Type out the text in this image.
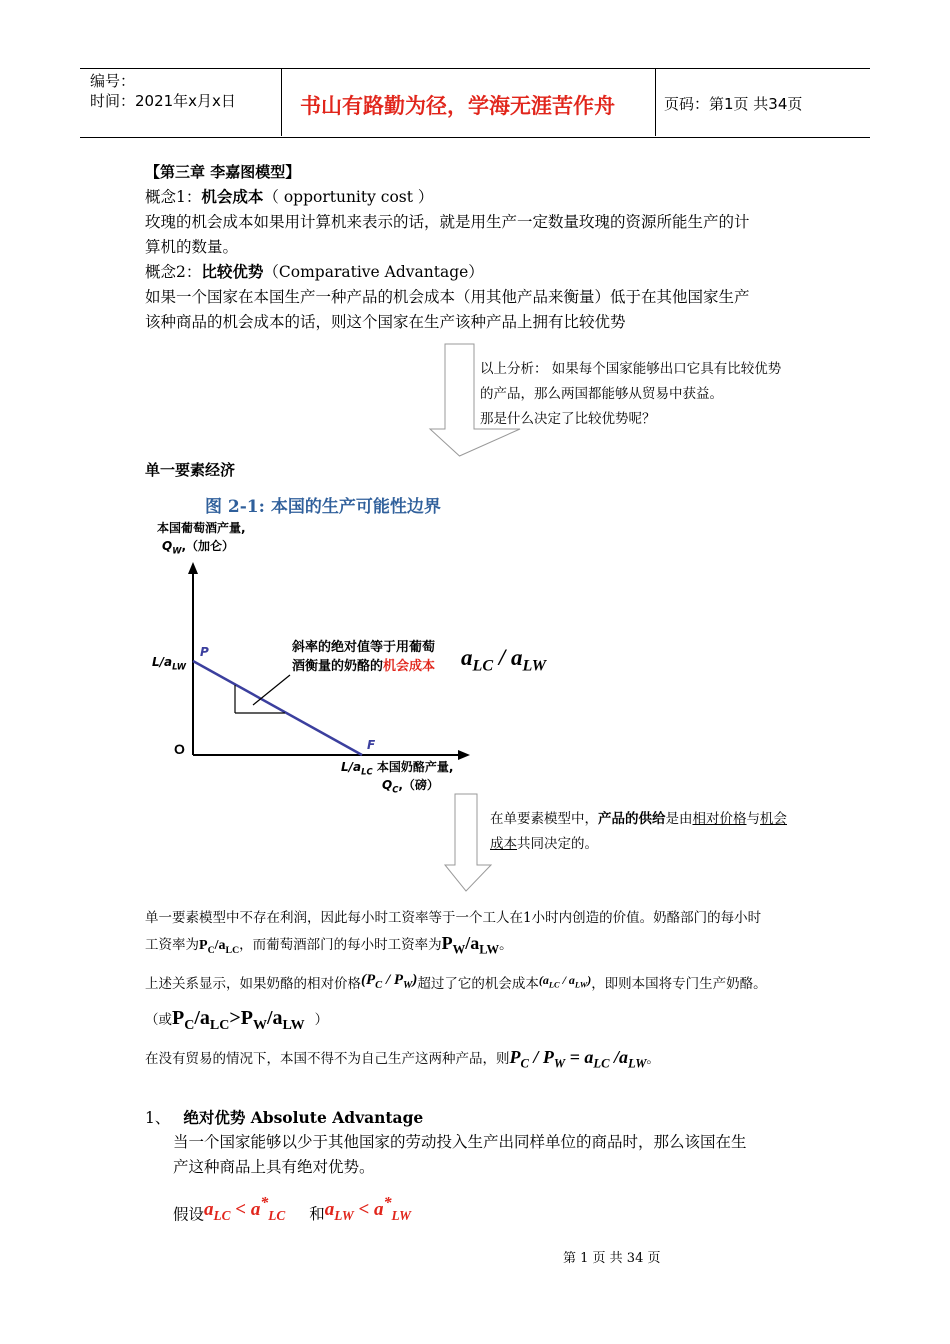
编号：
时间：2021年x月x日	书山有路勤为径，学海无涯苦作舟	页码：第1页 共34页
【第三章 李嘉图模型】
概念1：机会成本（ opportunity cost ）
玫瑰的机会成本如果用计算机来表示的话，就是用生产一定数量玫瑰的资源所能生产的计
算机的数量。
概念2：比较优势（Comparative Advantage）
如果一个国家在本国生产一种产品的机会成本（用其他产品来衡量）低于在其他国家生产
该种商品的机会成本的话，则这个国家在生产该种产品上拥有比较优势
以上分析： 如果每个国家能够出口它具有比较优势
的产品，那么两国都能够从贸易中获益。
那是什么决定了比较优势呢？
单一要素经济
图 2-1: 本国的生产可能性边界
本国葡萄酒产量,
$Q_W$,（加仑）
$L/a_{LW}$
P
O	F
$L/a_{LC}$ 本国奶酪产量,
$Q_C$,（磅）
斜率的绝对值等于用葡萄
酒衡量的奶酪的机会成本 $a_{LC} / a_{LW}$
在单要素模型中，产品的供给是由相对价格与机会
成本共同决定的。
单一要素模型中不存在利润，因此每小时工资率等于一个工人在1小时内创造的价值。奶酪部门的每小时
工资率为$P_C/a_{LC}$，而葡萄酒部门的每小时工资率为$P_W/a_{LW}$。
上述关系显示，如果奶酪的相对价格$(P_C / P_W)$超过了它的机会成本$(a_{LC} / a_{LW})$，即则本国将专门生产奶酪。
（或$P_C/a_{LC}>P_W/a_{LW}$ ）
在没有贸易的情况下，本国不得不为自己生产这两种产品，则$P_C / P_W = a_{LC}$ $/a_{LW}$。
1、 绝对优势 Absolute Advantage
当一个国家能够以少于其他国家的劳动投入生产出同样单位的商品时，那么该国在生
产这种商品上具有绝对优势。
假设$a_{LC} < a^*_{LC}$ 和$a_{LW} < a^*_{LW}$
第 1 页 共 34 页
